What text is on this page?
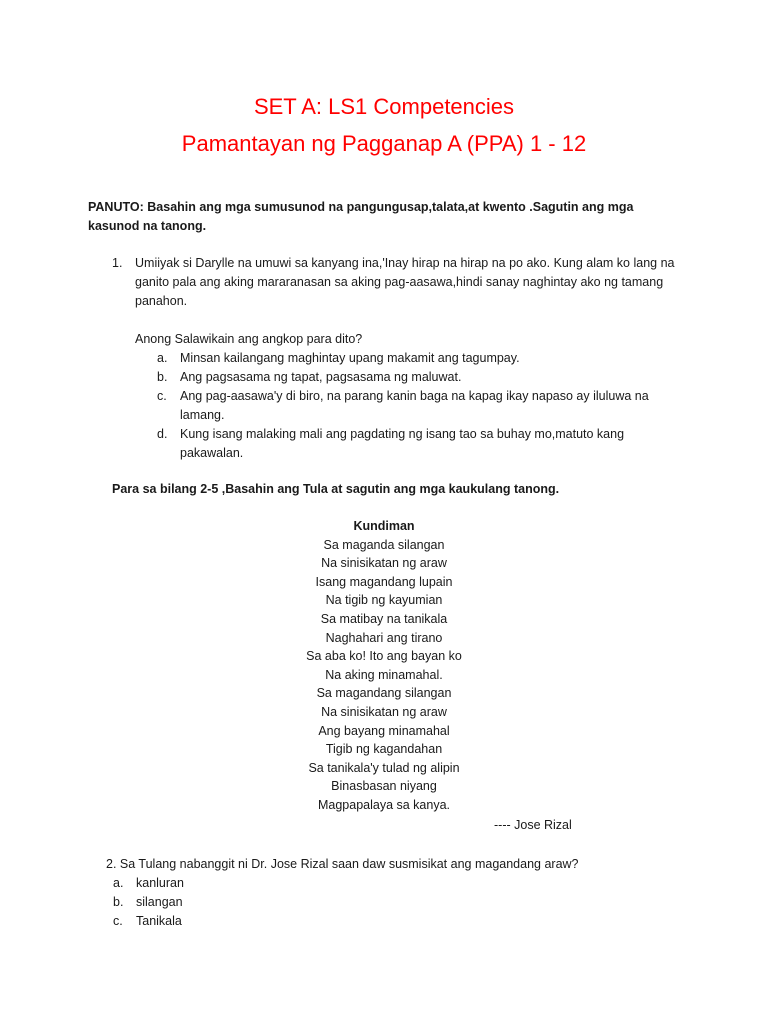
SET A: LS1 Competencies
Pamantayan ng Pagganap A (PPA) 1 - 12
PANUTO: Basahin ang mga sumusunod na pangungusap,talata,at kwento .Sagutin ang mga kasunod na tanong.
1. Umiiyak si Darylle na umuwi sa kanyang ina,'Inay hirap na hirap na po ako. Kung alam ko lang na ganito pala ang aking mararanasan sa aking pag-aasawa,hindi sanay naghintay ako ng tamang panahon.
Anong Salawikain ang angkop para dito?
a. Minsan kailangang maghintay upang makamit ang tagumpay.
b. Ang pagsasama ng tapat, pagsasama ng maluwat.
c. Ang pag-aasawa'y di biro, na parang kanin baga na kapag ikay napaso ay iluluwa na lamang.
d. Kung isang malaking mali ang pagdating ng isang tao sa buhay mo,matuto kang pakawalan.
Para sa bilang 2-5 ,Basahin ang Tula at sagutin ang mga kaukulang tanong.
Kundiman
Sa maganda silangan
Na sinisikatan ng araw
Isang magandang lupain
Na tigib ng kayumian
Sa matibay na tanikala
Naghahari ang tirano
Sa aba ko! Ito ang bayan ko
Na aking minamahal.
Sa magandang silangan
Na sinisikatan ng araw
Ang bayang minamahal
Tigib ng kagandahan
Sa tanikala'y tulad ng alipin
Binasbasan niyang
Magpapalaya sa kanya.
---- Jose Rizal
2. Sa Tulang nabanggit ni Dr. Jose Rizal saan daw susmisikat ang magandang araw?
a. kanluran
b. silangan
c. Tanikala
